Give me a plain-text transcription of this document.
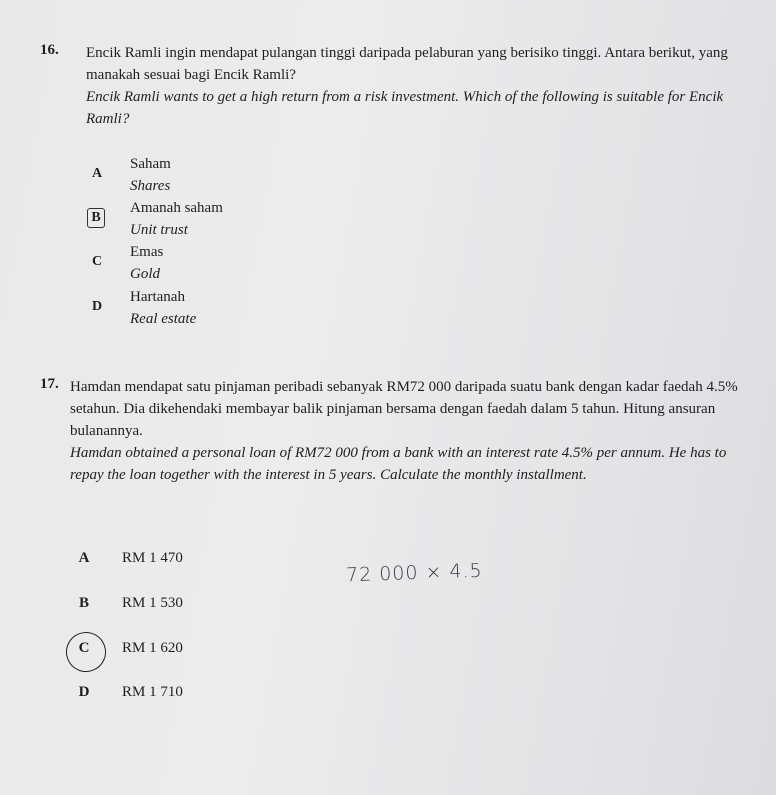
16. Encik Ramli ingin mendapat pulangan tinggi daripada pelaburan yang berisiko tinggi. Antara berikut, yang manakah sesuai bagi Encik Ramli?

Encik Ramli wants to get a high return from a risk investment. Which of the following is suitable for Encik Ramli?

A
Saham
Shares
B
Amanah saham
Unit trust
C
Emas
Gold
D
Hartanah
Real estate
17. Hamdan mendapat satu pinjaman peribadi sebanyak RM72 000 daripada suatu bank dengan kadar faedah 4.5% setahun. Dia dikehendaki membayar balik pinjaman bersama dengan faedah dalam 5 tahun. Hitung ansuran bulanannya.

Hamdan obtained a personal loan of RM72 000 from a bank with an interest rate 4.5% per annum. He has to repay the loan together with the interest in 5 years. Calculate the monthly installment.

A	RM 1 470
B	RM 1 530
C	RM 1 620
D	RM 1 710
72 000 × 4.5
